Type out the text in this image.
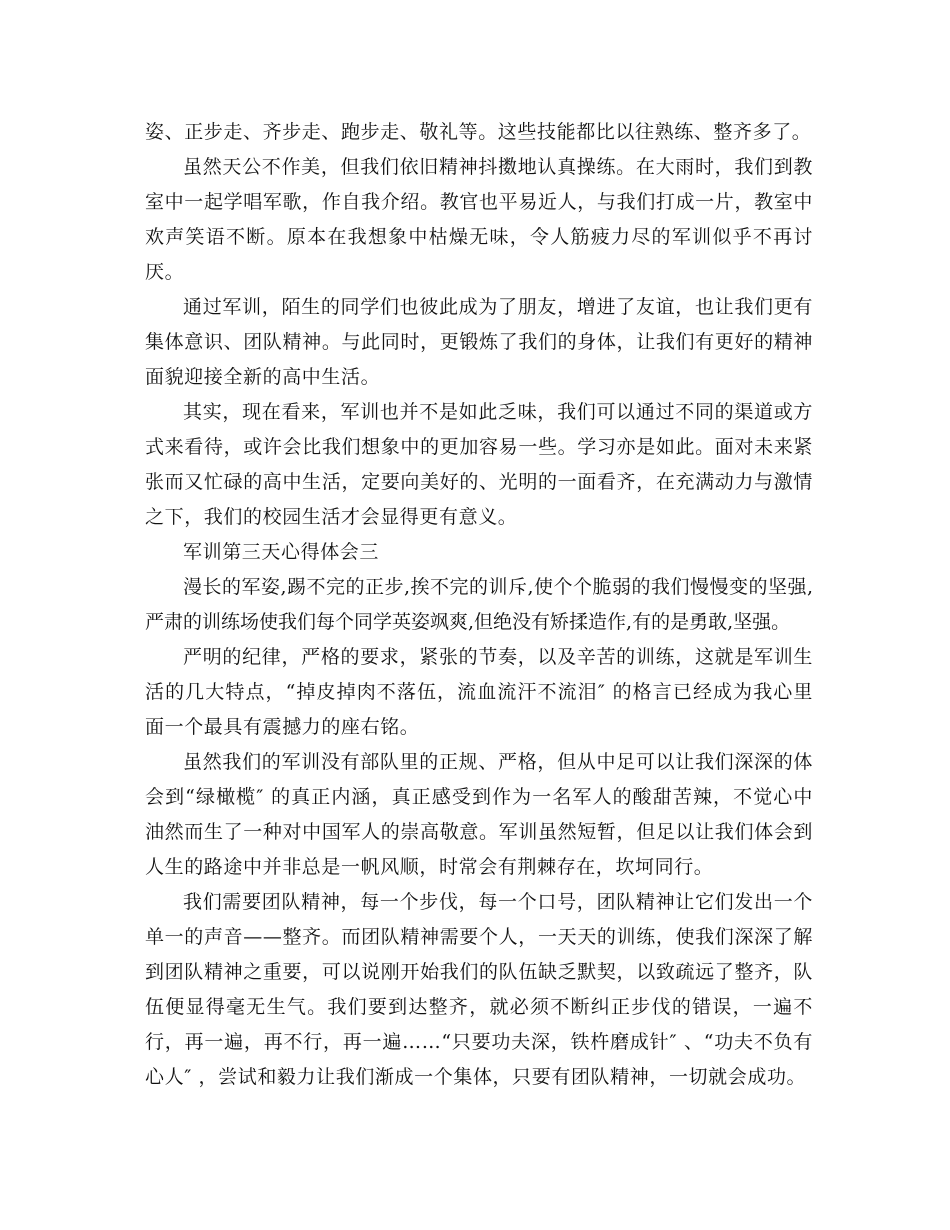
姿、正步走、齐步走、跑步走、敬礼等。这些技能都比以往熟练、整齐多了。

虽然天公不作美，但我们依旧精神抖擞地认真操练。在大雨时，我们到教室中一起学唱军歌，作自我介绍。教官也平易近人，与我们打成一片，教室中欢声笑语不断。原本在我想象中枯燥无味，令人筋疲力尽的军训似乎不再讨厌。

通过军训，陌生的同学们也彼此成为了朋友，增进了友谊，也让我们更有集体意识、团队精神。与此同时，更锻炼了我们的身体，让我们有更好的精神面貌迎接全新的高中生活。

其实，现在看来，军训也并不是如此乏味，我们可以通过不同的渠道或方式来看待，或许会比我们想象中的更加容易一些。学习亦是如此。面对未来紧张而又忙碌的高中生活，定要向美好的、光明的一面看齐，在充满动力与激情之下，我们的校园生活才会显得更有意义。

军训第三天心得体会三

漫长的军姿,踢不完的正步,挨不完的训斥,使个个脆弱的我们慢慢变的坚强,严肃的训练场使我们每个同学英姿飒爽,但绝没有矫揉造作,有的是勇敢,坚强。

严明的纪律，严格的要求，紧张的节奏，以及辛苦的训练，这就是军训生活的几大特点，“掉皮掉肉不落伍，流血流汗不流泪″ 的格言已经成为我心里面一个最具有震撼力的座右铭。

虽然我们的军训没有部队里的正规、严格，但从中足可以让我们深深的体会到“绿橄榄″ 的真正内涵，真正感受到作为一名军人的酸甜苦辣，不觉心中油然而生了一种对中国军人的崇高敬意。军训虽然短暂，但足以让我们体会到人生的路途中并非总是一帆风顺，时常会有荆棘存在，坎坷同行。

我们需要团队精神，每一个步伐，每一个口号，团队精神让它们发出一个单一的声音——整齐。而团队精神需要个人，一天天的训练，使我们深深了解到团队精神之重要，可以说刚开始我们的队伍缺乏默契，以致疏远了整齐，队伍便显得毫无生气。我们要到达整齐，就必须不断纠正步伐的错误，一遍不行，再一遍，再不行，再一遍……“只要功夫深，铁杵磨成针″ 、“功夫不负有心人″ ，尝试和毅力让我们渐成一个集体，只要有团队精神，一切就会成功。
